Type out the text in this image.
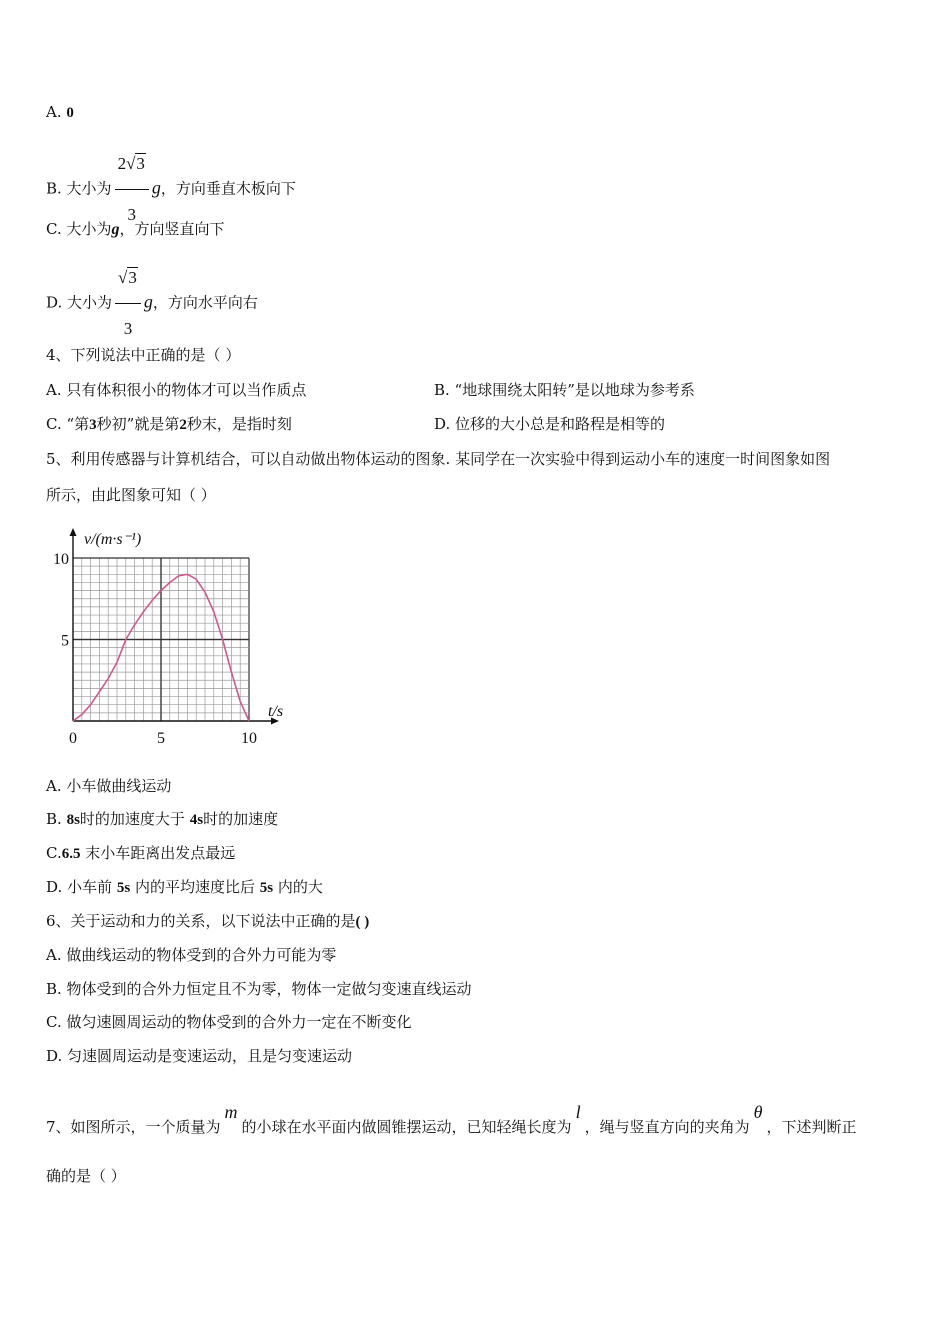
A. 0
B. 大小为 $\frac{2√3}{3}$ g，方向垂直木板向下
C. 大小为g，方向竖直向下
D. 大小为 $\frac{√3}{3}$ g，方向水平向右
4、下列说法中正确的是（ ）
A. 只有体积很小的物体才可以当作质点	B. “地球围绕太阳转”是以地球为参考系
C. “第3秒初”就是第2秒末，是指时刻	D. 位移的大小总是和路程是相等的
5、利用传感器与计算机结合，可以自动做出物体运动的图象. 某同学在一次实验中得到运动小车的速度一时间图象如图
所示，由此图象可知（ ）
0	5	10
5
10
v/(m·s⁻¹)
t/s
A. 小车做曲线运动
B. 8s时的加速度大于 4s时的加速度
C.6.5 末小车距离出发点最远
D. 小车前 5s 内的平均速度比后 5s 内的大
6、关于运动和力的关系，以下说法中正确的是( )
A. 做曲线运动的物体受到的合外力可能为零
B. 物体受到的合外力恒定且不为零，物体一定做匀变速直线运动
C. 做匀速圆周运动的物体受到的合外力一定在不断变化
D. 匀速圆周运动是变速运动，且是匀变速运动
7、如图所示，一个质量为m的小球在水平面内做圆锥摆运动，已知轻绳长度为l，绳与竖直方向的夹角为θ，下述判断正
确的是（ ）
